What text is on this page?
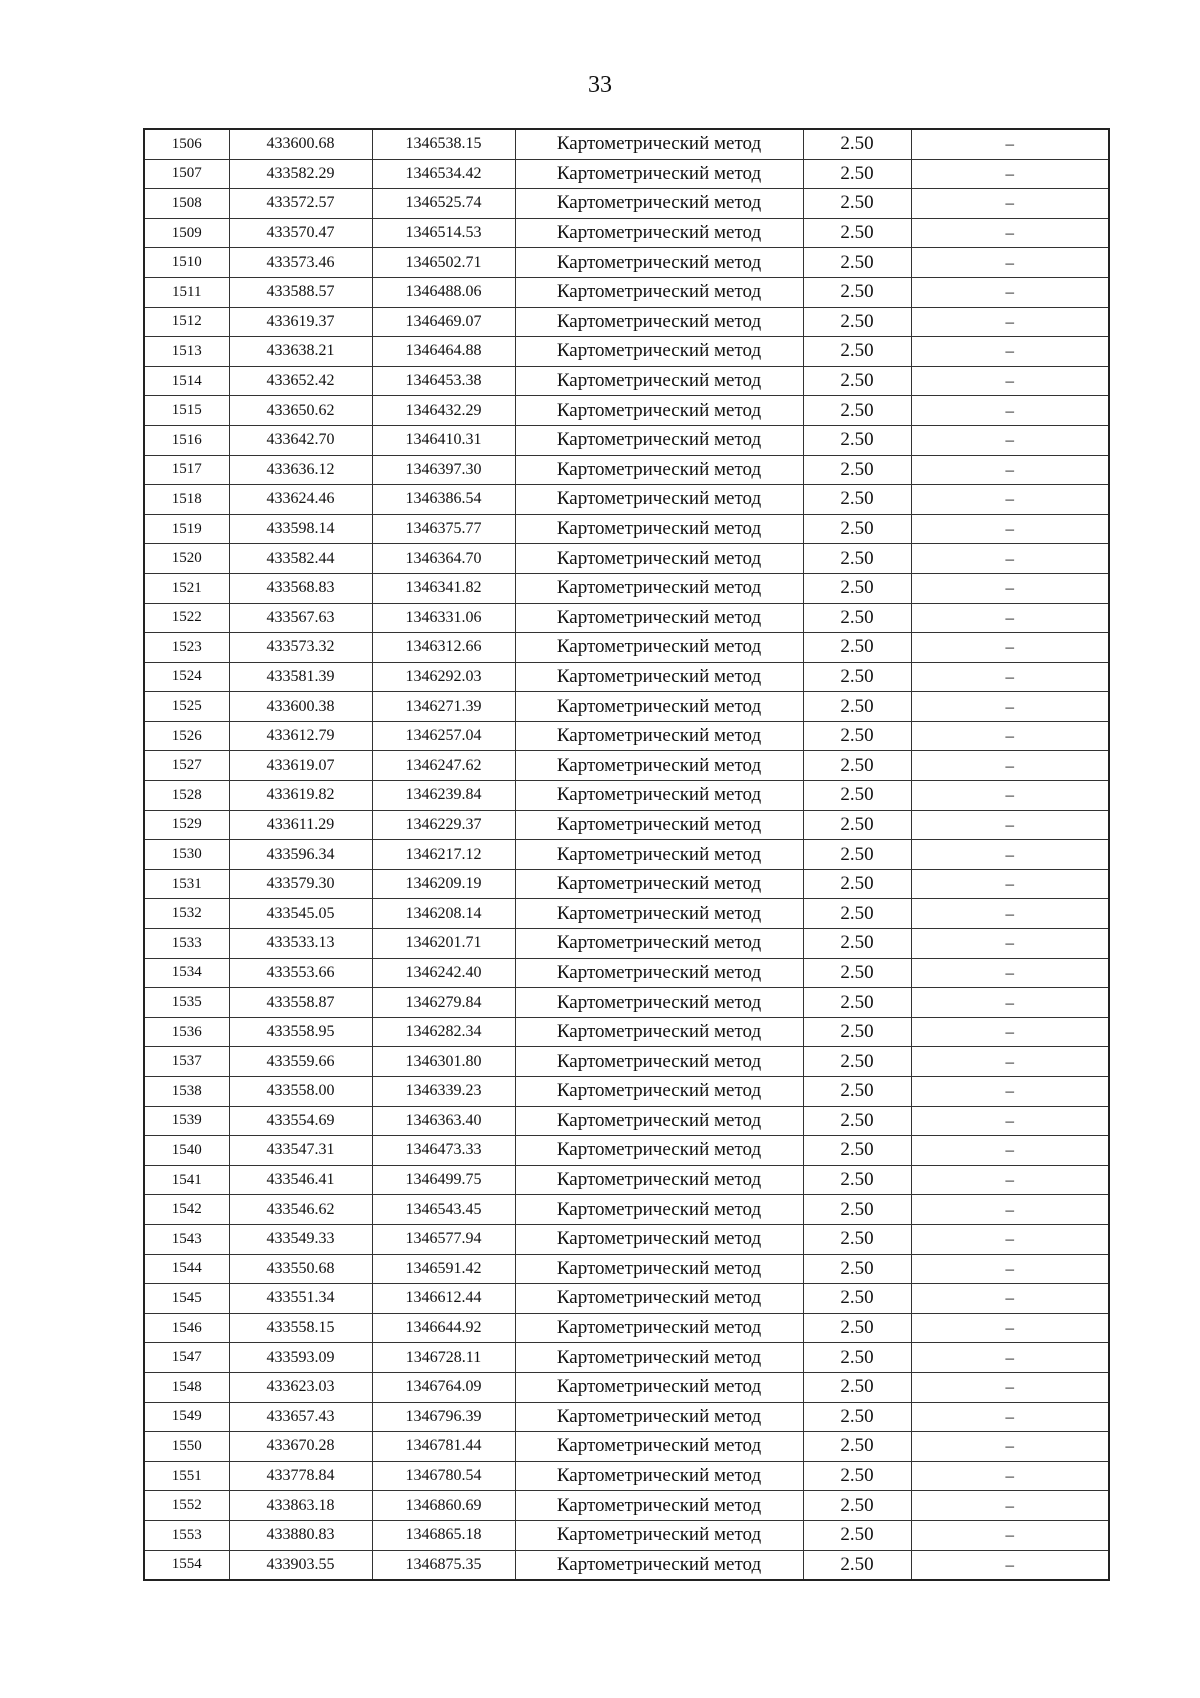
33
1506	433600.68	1346538.15	Картометрический метод	2.50	–
1507	433582.29	1346534.42	Картометрический метод	2.50	–
1508	433572.57	1346525.74	Картометрический метод	2.50	–
1509	433570.47	1346514.53	Картометрический метод	2.50	–
1510	433573.46	1346502.71	Картометрический метод	2.50	–
1511	433588.57	1346488.06	Картометрический метод	2.50	–
1512	433619.37	1346469.07	Картометрический метод	2.50	–
1513	433638.21	1346464.88	Картометрический метод	2.50	–
1514	433652.42	1346453.38	Картометрический метод	2.50	–
1515	433650.62	1346432.29	Картометрический метод	2.50	–
1516	433642.70	1346410.31	Картометрический метод	2.50	–
1517	433636.12	1346397.30	Картометрический метод	2.50	–
1518	433624.46	1346386.54	Картометрический метод	2.50	–
1519	433598.14	1346375.77	Картометрический метод	2.50	–
1520	433582.44	1346364.70	Картометрический метод	2.50	–
1521	433568.83	1346341.82	Картометрический метод	2.50	–
1522	433567.63	1346331.06	Картометрический метод	2.50	–
1523	433573.32	1346312.66	Картометрический метод	2.50	–
1524	433581.39	1346292.03	Картометрический метод	2.50	–
1525	433600.38	1346271.39	Картометрический метод	2.50	–
1526	433612.79	1346257.04	Картометрический метод	2.50	–
1527	433619.07	1346247.62	Картометрический метод	2.50	–
1528	433619.82	1346239.84	Картометрический метод	2.50	–
1529	433611.29	1346229.37	Картометрический метод	2.50	–
1530	433596.34	1346217.12	Картометрический метод	2.50	–
1531	433579.30	1346209.19	Картометрический метод	2.50	–
1532	433545.05	1346208.14	Картометрический метод	2.50	–
1533	433533.13	1346201.71	Картометрический метод	2.50	–
1534	433553.66	1346242.40	Картометрический метод	2.50	–
1535	433558.87	1346279.84	Картометрический метод	2.50	–
1536	433558.95	1346282.34	Картометрический метод	2.50	–
1537	433559.66	1346301.80	Картометрический метод	2.50	–
1538	433558.00	1346339.23	Картометрический метод	2.50	–
1539	433554.69	1346363.40	Картометрический метод	2.50	–
1540	433547.31	1346473.33	Картометрический метод	2.50	–
1541	433546.41	1346499.75	Картометрический метод	2.50	–
1542	433546.62	1346543.45	Картометрический метод	2.50	–
1543	433549.33	1346577.94	Картометрический метод	2.50	–
1544	433550.68	1346591.42	Картометрический метод	2.50	–
1545	433551.34	1346612.44	Картометрический метод	2.50	–
1546	433558.15	1346644.92	Картометрический метод	2.50	–
1547	433593.09	1346728.11	Картометрический метод	2.50	–
1548	433623.03	1346764.09	Картометрический метод	2.50	–
1549	433657.43	1346796.39	Картометрический метод	2.50	–
1550	433670.28	1346781.44	Картометрический метод	2.50	–
1551	433778.84	1346780.54	Картометрический метод	2.50	–
1552	433863.18	1346860.69	Картометрический метод	2.50	–
1553	433880.83	1346865.18	Картометрический метод	2.50	–
1554	433903.55	1346875.35	Картометрический метод	2.50	–
